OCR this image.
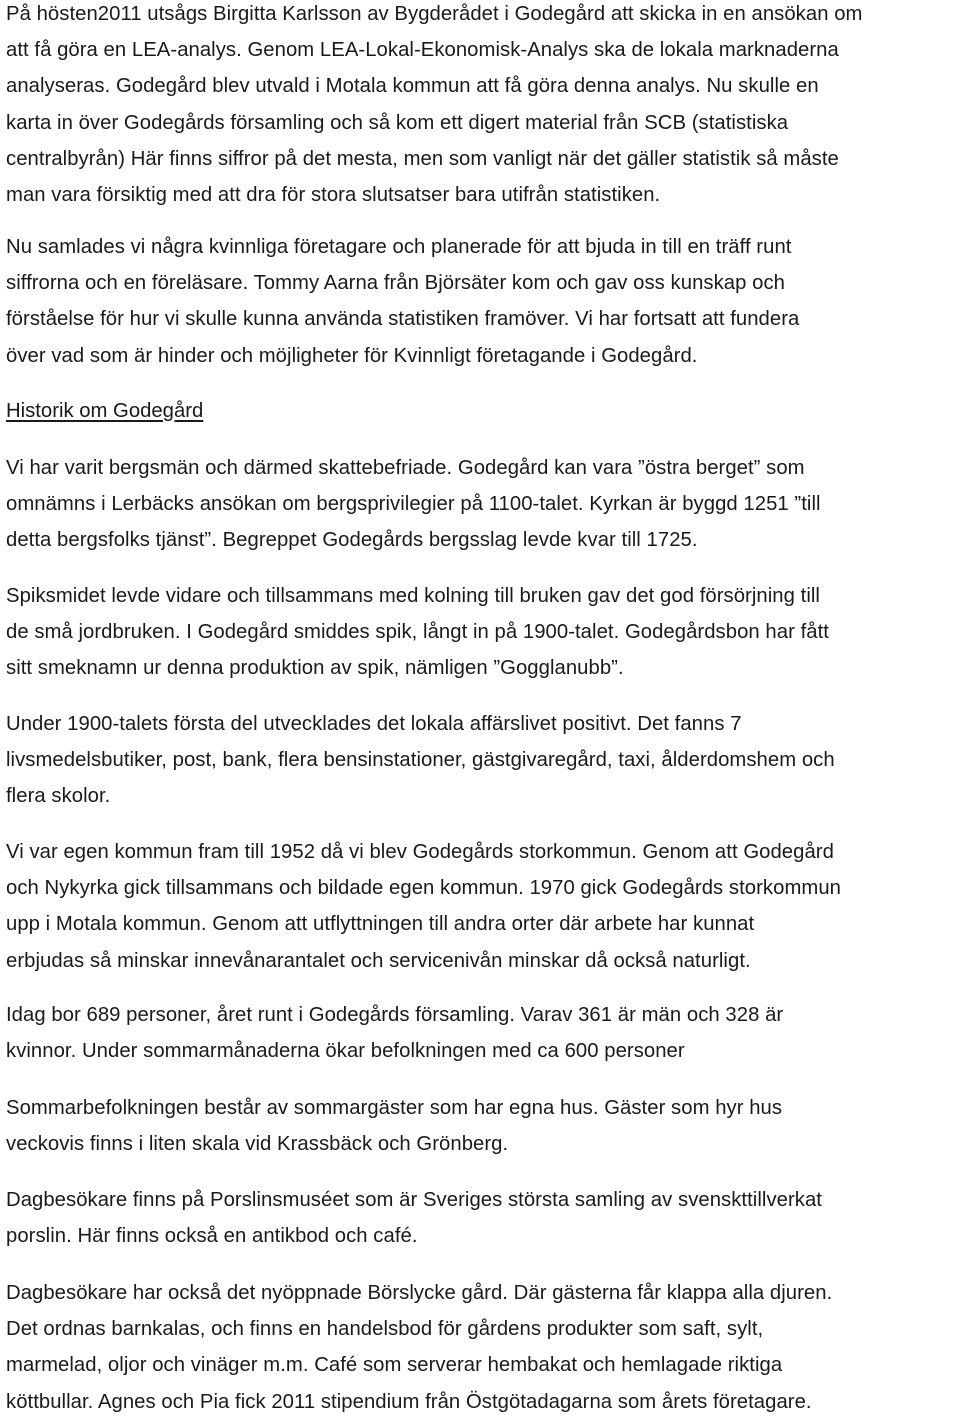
På hösten2011 utsågs Birgitta Karlsson av Bygderådet i Godegård att skicka in en ansökan om
att få göra en LEA-analys. Genom LEA-Lokal-Ekonomisk-Analys ska de lokala marknaderna
analyseras. Godegård blev utvald i Motala kommun att få göra denna analys. Nu skulle en
karta in över Godegårds församling och så kom ett digert material från SCB (statistiska
centralbyrån) Här finns siffror på det mesta, men som vanligt när det gäller statistik så måste
man vara försiktig med att dra för stora slutsatser bara utifrån statistiken.

Nu samlades vi några kvinnliga företagare och planerade för att bjuda in till en träff runt
siffrorna och en föreläsare. Tommy Aarna från Björsäter kom och gav oss kunskap och
förståelse för hur vi skulle kunna använda statistiken framöver. Vi har fortsatt att fundera
över vad som är hinder och möjligheter för Kvinnligt företagande i Godegård.

Historik om Godegård

Vi har varit bergsmän och därmed skattebefriade. Godegård kan vara ”östra berget” som
omnämns i Lerbäcks ansökan om bergsprivilegier på 1100-talet. Kyrkan är byggd 1251 ”till
detta bergsfolks tjänst”. Begreppet Godegårds bergsslag levde kvar till 1725.

Spiksmidet levde vidare och tillsammans med kolning till bruken gav det god försörjning till
de små jordbruken. I Godegård smiddes spik, långt in på 1900-talet. Godegårdsbon har fått
sitt smeknamn ur denna produktion av spik, nämligen ”Gogglanubb”.

Under 1900-talets första del utvecklades det lokala affärslivet positivt. Det fanns 7
livsmedelsbutiker, post, bank, flera bensinstationer, gästgivaregård, taxi, ålderdomshem och
flera skolor.

Vi var egen kommun fram till 1952 då vi blev Godegårds storkommun. Genom att Godegård
och Nykyrka gick tillsammans och bildade egen kommun. 1970 gick Godegårds storkommun
upp i Motala kommun. Genom att utflyttningen till andra orter där arbete har kunnat
erbjudas så minskar innevånarantalet och servicenivån minskar då också naturligt.

Idag bor 689 personer, året runt i Godegårds församling. Varav 361 är män och 328 är
kvinnor. Under sommarmånaderna ökar befolkningen med ca 600 personer

Sommarbefolkningen består av sommargäster som har egna hus. Gäster som hyr hus
veckovis finns i liten skala vid Krassbäck och Grönberg.

Dagbesökare finns på Porslinsmuséet som är Sveriges största samling av svenskttillverkat
porslin. Här finns också en antikbod och café.

Dagbesökare har också det nyöppnade Börslycke gård. Där gästerna får klappa alla djuren.
Det ordnas barnkalas, och finns en handelsbod för gårdens produkter som saft, sylt,
marmelad, oljor och vinäger m.m. Café som serverar hembakat och hemlagade riktiga
köttbullar. Agnes och Pia fick 2011 stipendium från Östgötadagarna som årets företagare.
